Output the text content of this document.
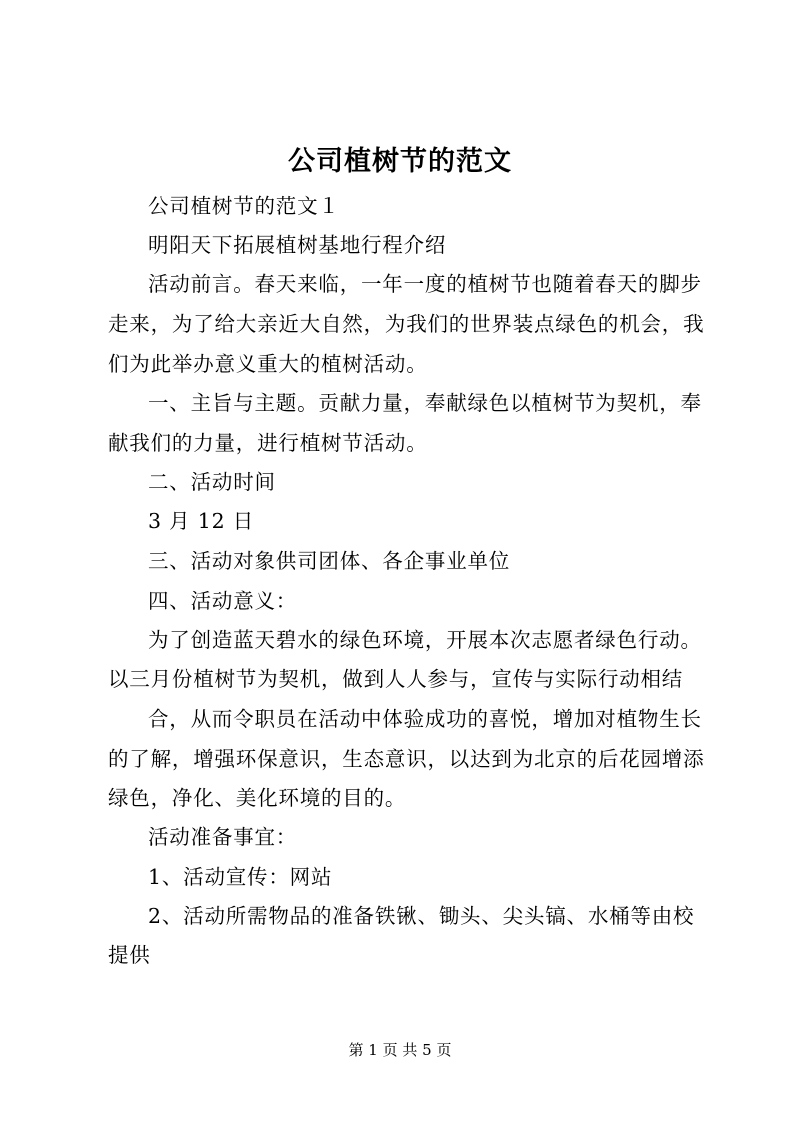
公司植树节的范文
公司植树节的范文１
明阳天下拓展植树基地行程介绍
活动前言。春天来临，一年一度的植树节也随着春天的脚步
走来，为了给大亲近大自然，为我们的世界装点绿色的机会，我
们为此举办意义重大的植树活动。
一、主旨与主题。贡献力量，奉献绿色以植树节为契机，奉
献我们的力量，进行植树节活动。
二、活动时间
3 月 12 日
三、活动对象供司团体、各企事业单位
四、活动意义：
为了创造蓝天碧水的绿色环境，开展本次志愿者绿色行动。
以三月份植树节为契机，做到人人参与，宣传与实际行动相结
合，从而令职员在活动中体验成功的喜悦，增加对植物生长
的了解，增强环保意识，生态意识，以达到为北京的后花园增添
绿色，净化、美化环境的目的。
活动准备事宜：
1、活动宣传：网站
2、活动所需物品的准备铁锹、锄头、尖头镐、水桶等由校
提供
第 1 页 共 5 页
